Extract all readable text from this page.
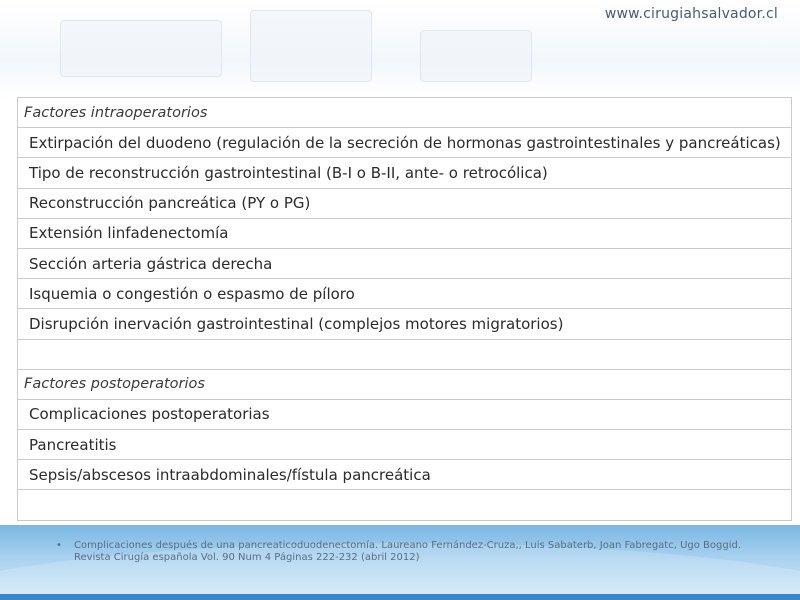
www.cirugiahsalvador.cl
Factores intraoperatorios
Extirpación del duodeno (regulación de la secreción de hormonas gastrointestinales y pancreáticas)
Tipo de reconstrucción gastrointestinal (B-I o B-II, ante- o retrocólica)
Reconstrucción pancreática (PY o PG)
Extensión linfadenectomía
Sección arteria gástrica derecha
Isquemia o congestión o espasmo de píloro
Disrupción inervación gastrointestinal (complejos motores migratorios)

Factores postoperatorios
Complicaciones postoperatorias
Pancreatitis
Sepsis/abscesos intraabdominales/fístula pancreática

• Complicaciones después de una pancreaticoduodenectomía. Laureano Fernández-Cruza,, Luis Sabaterb, Joan Fabregatc, Ugo Boggid.
Revista Cirugía española Vol. 90 Num 4 Páginas 222-232 (abril 2012)
